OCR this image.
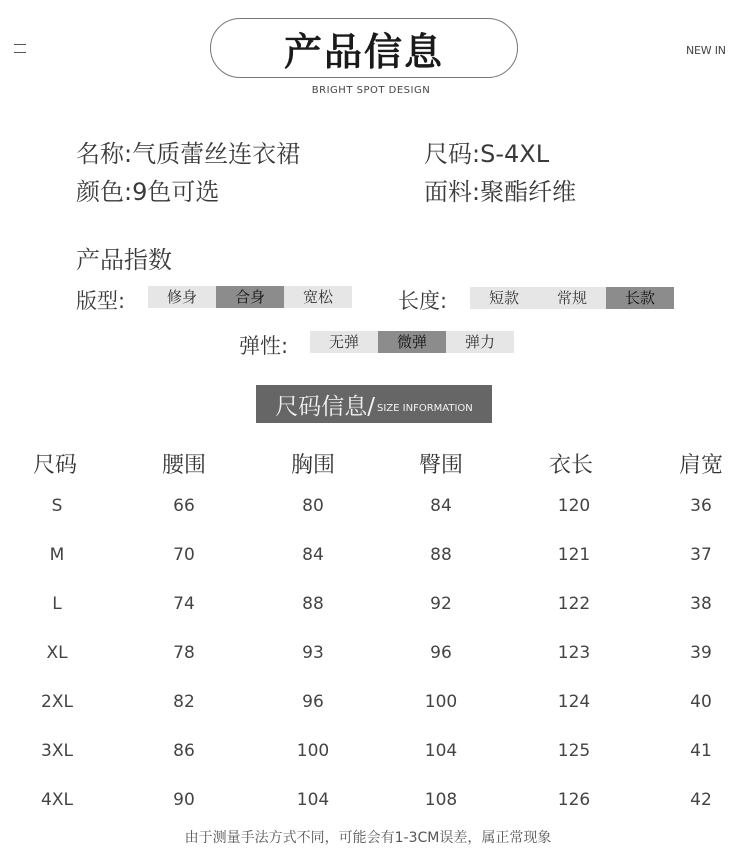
NEW IN
产品信息
BRIGHT SPOT DESIGN
名称:气质蕾丝连衣裙	尺码:S-4XL
颜色:9色可选	面料:聚酯纤维
产品指数
版型:	修身	合身	宽松	长度:	短款	常规	长款
弹性:	无弹	微弹	弹力
尺码信息/ SIZE INFORMATION
尺码	腰围	胸围	臀围	衣长	肩宽
S	66	80	84	120	36
M	70	84	88	121	37
L	74	88	92	122	38
XL	78	93	96	123	39
2XL	82	96	100	124	40
3XL	86	100	104	125	41
4XL	90	104	108	126	42
由于测量手法方式不同，可能会有1-3CM误差，属正常现象
